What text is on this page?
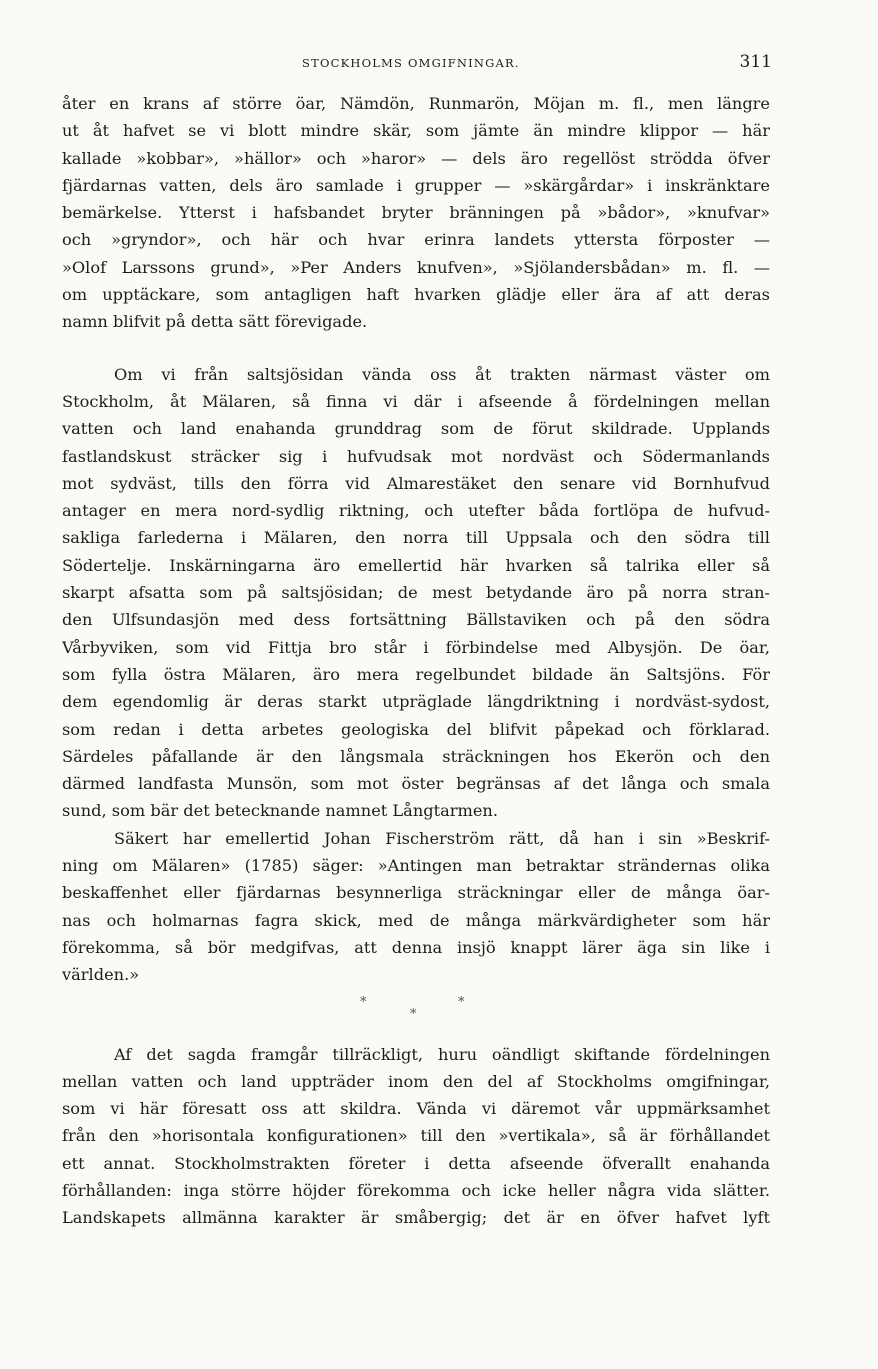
STOCKHOLMS OMGIFNINGAR.	311
åter en krans af större öar, Nämdön, Runmarön, Möjan m. fl., men längre
ut åt hafvet se vi blott mindre skär, som jämte än mindre klippor — här
kallade »kobbar», »hällor» och »haror» — dels äro regellöst strödda öfver
fjärdarnas vatten, dels äro samlade i grupper — »skärgårdar» i inskränktare
bemärkelse. Ytterst i hafsbandet bryter bränningen på »bådor», »knufvar»
och »gryndor», och här och hvar erinra landets yttersta förposter —
»Olof Larssons grund», »Per Anders knufven», »Sjölandersbådan» m. fl. —
om upptäckare, som antagligen haft hvarken glädje eller ära af att deras
namn blifvit på detta sätt förevigade.
Om vi från saltsjösidan vända oss åt trakten närmast väster om
Stockholm, åt Mälaren, så finna vi där i afseende å fördelningen mellan
vatten och land enahanda grunddrag som de förut skildrade. Upplands
fastlandskust sträcker sig i hufvudsak mot nordväst och Södermanlands
mot sydväst, tills den förra vid Almarestäket den senare vid Bornhufvud
antager en mera nord-sydlig riktning, och utefter båda fortlöpa de hufvud-
sakliga farlederna i Mälaren, den norra till Uppsala och den södra till
Södertelje. Inskärningarna äro emellertid här hvarken så talrika eller så
skarpt afsatta som på saltsjösidan; de mest betydande äro på norra stran-
den Ulfsundasjön med dess fortsättning Bällstaviken och på den södra
Vårbyviken, som vid Fittja bro står i förbindelse med Albysjön. De öar,
som fylla östra Mälaren, äro mera regelbundet bildade än Saltsjöns. För
dem egendomlig är deras starkt utpräglade längdriktning i nordväst-sydost,
som redan i detta arbetes geologiska del blifvit påpekad och förklarad.
Särdeles påfallande är den långsmala sträckningen hos Ekerön och den
därmed landfasta Munsön, som mot öster begränsas af det långa och smala
sund, som bär det betecknande namnet Långtarmen.
Säkert har emellertid Johan Fischerström rätt, då han i sin »Beskrif-
ning om Mälaren» (1785) säger: »Antingen man betraktar strändernas olika
beskaffenhet eller fjärdarnas besynnerliga sträckningar eller de många öar-
nas och holmarnas fagra skick, med de många märkvärdigheter som här
förekomma, så bör medgifvas, att denna insjö knappt lärer äga sin like i
världen.»
*	*
*
Af det sagda framgår tillräckligt, huru oändligt skiftande fördelningen
mellan vatten och land uppträder inom den del af Stockholms omgifningar,
som vi här föresatt oss att skildra. Vända vi däremot vår uppmärksamhet
från den »horisontala konfigurationen» till den »vertikala», så är förhållandet
ett annat. Stockholmstrakten företer i detta afseende öfverallt enahanda
förhållanden: inga större höjder förekomma och icke heller några vida slätter.
Landskapets allmänna karakter är småbergig; det är en öfver hafvet lyft
